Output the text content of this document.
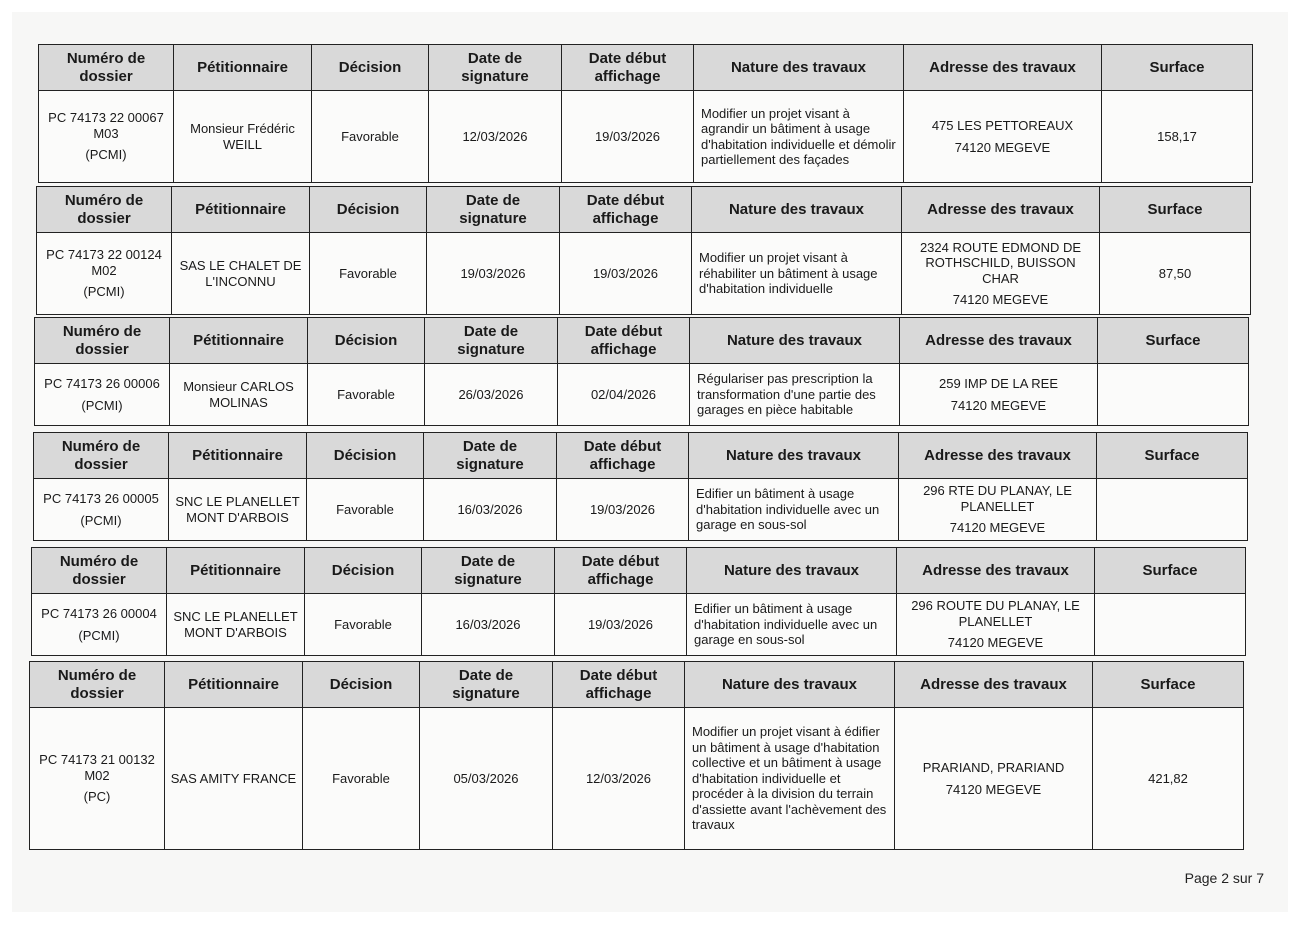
Numéro de dossier	Pétitionnaire	Décision	Date de signature	Date début affichage	Nature des travaux	Adresse des travaux	Surface

PC 74173 22 00067 M03
(PCMI)	Monsieur Frédéric WEILL	Favorable	12/03/2026	19/03/2026	Modifier un projet visant à agrandir un bâtiment à usage d'habitation individuelle et démolir partiellement des façades	475 LES PETTOREAUX
74120 MEGEVE	158,17
Numéro de dossier	Pétitionnaire	Décision	Date de signature	Date début affichage	Nature des travaux	Adresse des travaux	Surface

PC 74173 22 00124 M02
(PCMI)	SAS LE CHALET DE L'INCONNU	Favorable	19/03/2026	19/03/2026	Modifier un projet visant à réhabiliter un bâtiment à usage d'habitation individuelle	2324 ROUTE EDMOND DE ROTHSCHILD, BUISSON CHAR
74120 MEGEVE	87,50
Numéro de dossier	Pétitionnaire	Décision	Date de signature	Date début affichage	Nature des travaux	Adresse des travaux	Surface

PC 74173 26 00006
(PCMI)	Monsieur CARLOS MOLINAS	Favorable	26/03/2026	02/04/2026	Régulariser pas prescription la transformation d'une partie des garages en pièce habitable	259 IMP DE LA REE
74120 MEGEVE	

Numéro de dossier	Pétitionnaire	Décision	Date de signature	Date début affichage	Nature des travaux	Adresse des travaux	Surface

PC 74173 26 00005
(PCMI)	SNC LE PLANELLET MONT D'ARBOIS	Favorable	16/03/2026	19/03/2026	Edifier un bâtiment à usage d'habitation individuelle avec un garage en sous-sol	296 RTE DU PLANAY, LE PLANELLET
74120 MEGEVE	

Numéro de dossier	Pétitionnaire	Décision	Date de signature	Date début affichage	Nature des travaux	Adresse des travaux	Surface

PC 74173 26 00004
(PCMI)	SNC LE PLANELLET MONT D'ARBOIS	Favorable	16/03/2026	19/03/2026	Edifier un bâtiment à usage d'habitation individuelle avec un garage en sous-sol	296 ROUTE DU PLANAY, LE PLANELLET
74120 MEGEVE	

Numéro de dossier	Pétitionnaire	Décision	Date de signature	Date début affichage	Nature des travaux	Adresse des travaux	Surface

PC 74173 21 00132 M02
(PC)	SAS AMITY FRANCE	Favorable	05/03/2026	12/03/2026	Modifier un projet visant à édifier un bâtiment à usage d'habitation collective et un bâtiment à usage d'habitation individuelle et procéder à la division du terrain d'assiette avant l'achèvement des travaux	PRARIAND, PRARIAND
74120 MEGEVE	421,82
Page 2 sur 7
